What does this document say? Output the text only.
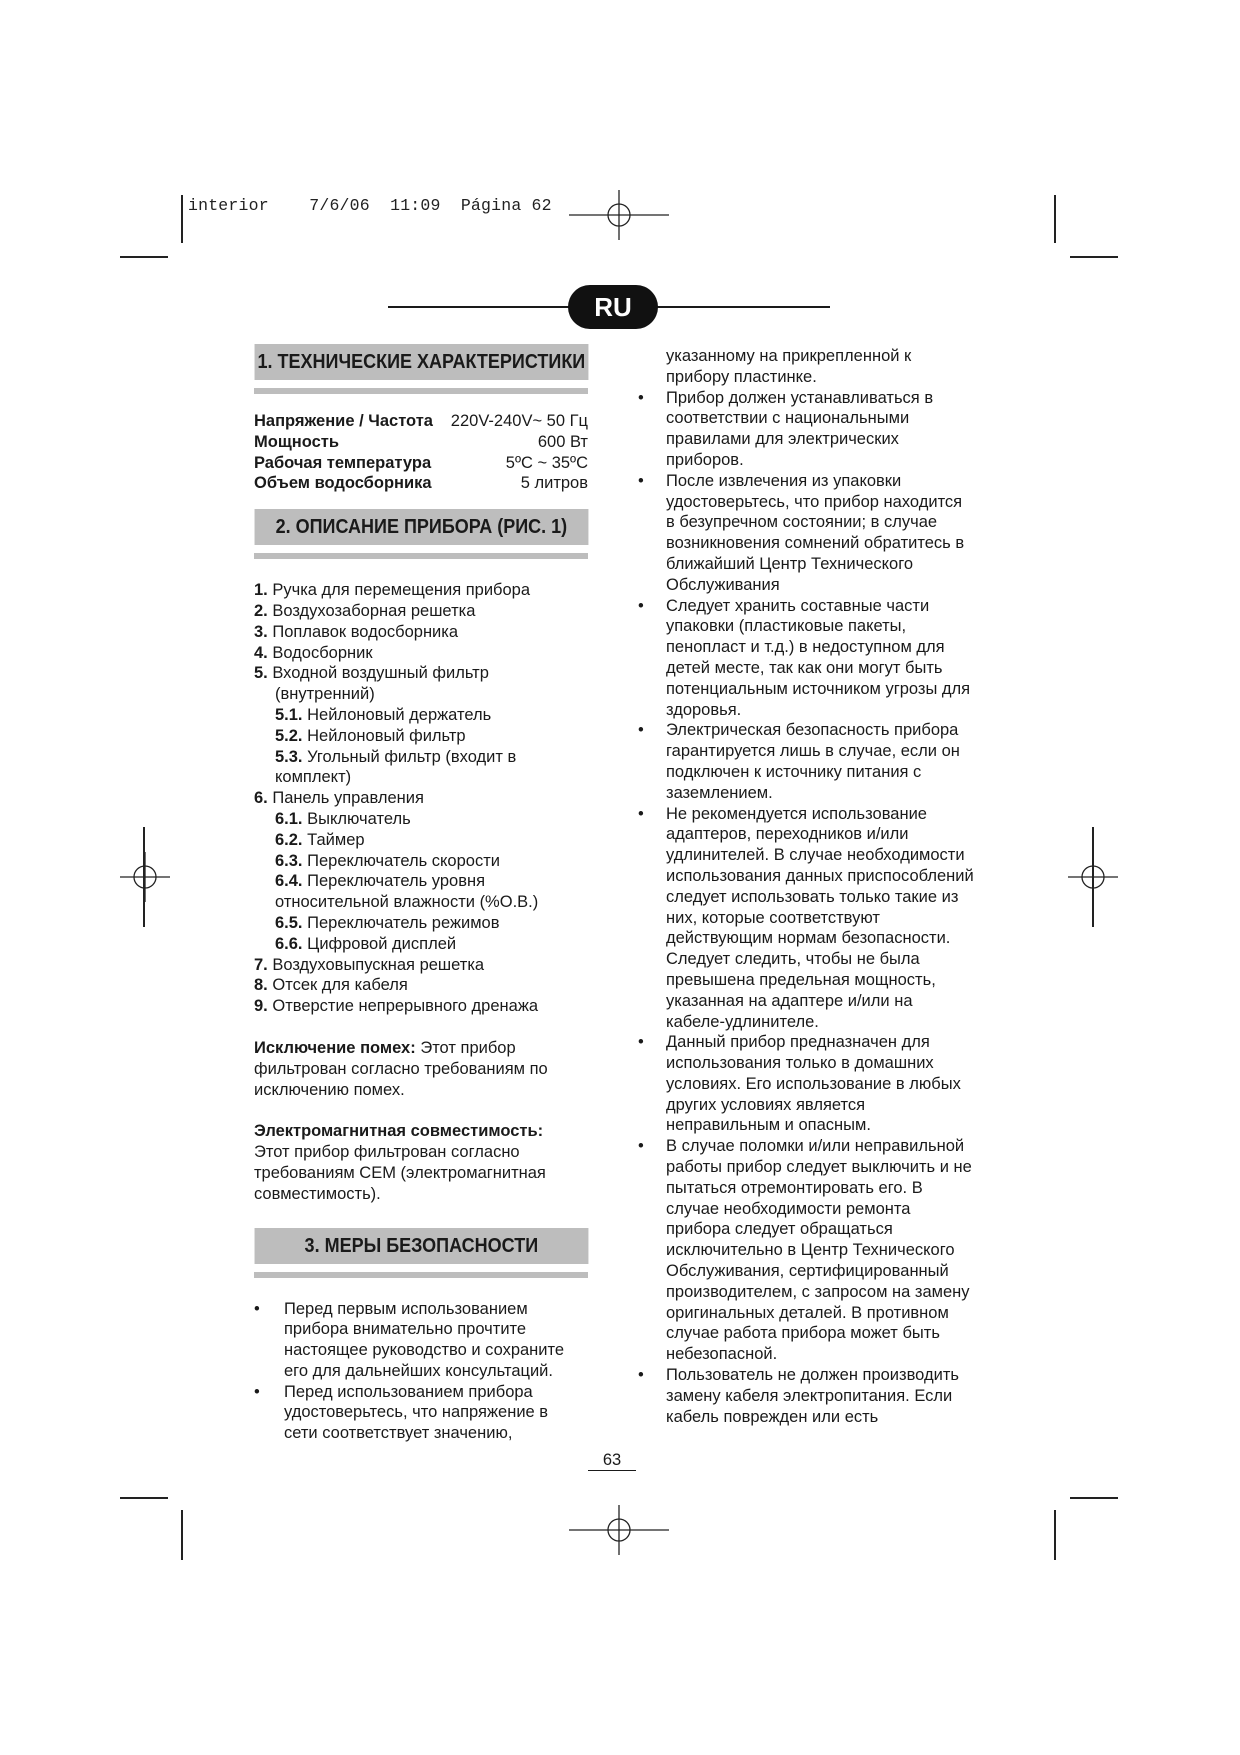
interior 7/6/06 11:09 Página 62
RU
1. ТЕХНИЧЕСКИЕ ХАРАКТЕРИСТИКИ
Напряжение / Частота 220V-240V~ 50 Гц
Мощность	600 Вт
Рабочая температура	5ºC ~ 35ºC
Объем водосборника	5 литров
2. ОПИСАНИЕ ПРИБОРА (РИС. 1)
1. Ручка для перемещения прибора
2. Воздухозаборная решетка
3. Поплавок водосборника
4. Водосборник
5. Входной воздушный фильтр
(внутренний)
5.1. Нейлоновый держатель
5.2. Нейлоновый фильтр
5.3. Угольный фильтр (входит в
комплект)
6. Панель управления
6.1. Выключатель
6.2. Таймер
6.3. Переключатель скорости
6.4. Переключатель уровня
относительной влажности (%О.В.)
6.5. Переключатель режимов
6.6. Цифровой дисплей
7. Воздуховыпускная решетка
8. Отсек для кабеля
9. Отверстие непрерывного дренажа
Исключение помех: Этот прибор
фильтрован согласно требованиям по
исключению помех.
Электромагнитная совместимость:
Этот прибор фильтрован согласно
требованиям CEM (электромагнитная
совместимость).
3. МЕРЫ БЕЗОПАСНОСТИ
• Перед первым использованием
прибора внимательно прочтите
настоящее руководство и сохраните
его для дальнейших консультаций.
• Перед использованием прибора
удостоверьтесь, что напряжение в
сети соответствует значению,
указанному на прикрепленной к
прибору пластинке.
• Прибор должен устанавливаться в
соответствии с национальными
правилами для электрических
приборов.
• После извлечения из упаковки
удостоверьтесь, что прибор находится
в безупречном состоянии; в случае
возникновения сомнений обратитесь в
ближайший Центр Технического
Обслуживания
• Следует хранить составные части
упаковки (пластиковые пакеты,
пенопласт и т.д.) в недоступном для
детей месте, так как они могут быть
потенциальным источником угрозы для
здоровья.
• Электрическая безопасность прибора
гарантируется лишь в случае, если он
подключен к источнику питания с
заземлением.
• Не рекомендуется использование
адаптеров, переходников и/или
удлинителей. В случае необходимости
использования данных приспособлений
следует использовать только такие из
них, которые соответствуют
действующим нормам безопасности.
Следует следить, чтобы не была
превышена предельная мощность,
указанная на адаптере и/или на
кабеле-удлинителе.
• Данный прибор предназначен для
использования только в домашних
условиях. Его использование в любых
других условиях является
неправильным и опасным.
• В случае поломки и/или неправильной
работы прибор следует выключить и не
пытаться отремонтировать его. В
случае необходимости ремонта
прибора следует обращаться
исключительно в Центр Технического
Обслуживания, сертифицированный
производителем, с запросом на замену
оригинальных деталей. В противном
случае работа прибора может быть
небезопасной.
• Пользователь не должен производить
замену кабеля электропитания. Если
кабель поврежден или есть
63
